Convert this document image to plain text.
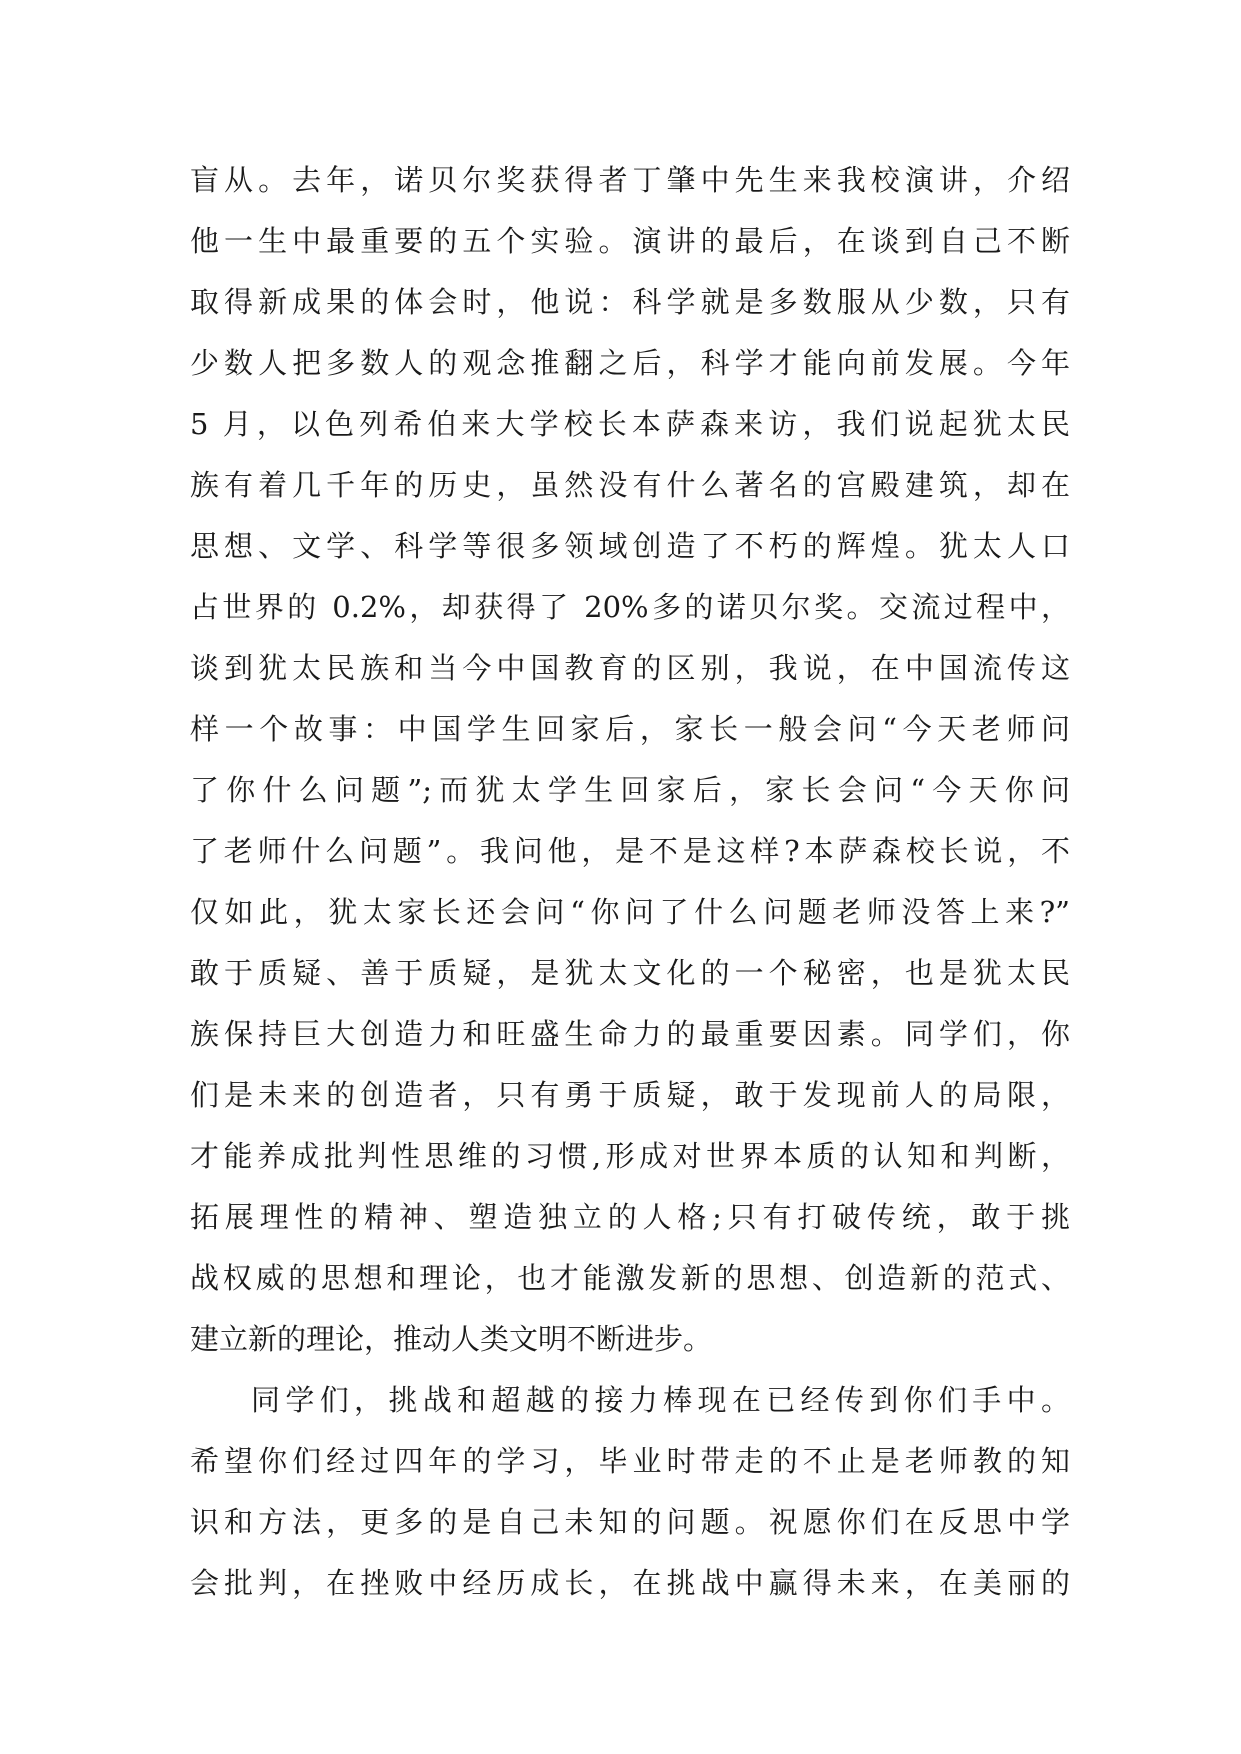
盲从。去年，诺贝尔奖获得者丁肇中先生来我校演讲，介绍
他一生中最重要的五个实验。演讲的最后，在谈到自己不断
取得新成果的体会时，他说：科学就是多数服从少数，只有
少数人把多数人的观念推翻之后，科学才能向前发展。今年
5 月，以色列希伯来大学校长本萨森来访，我们说起犹太民
族有着几千年的历史，虽然没有什么著名的宫殿建筑，却在
思想、文学、科学等很多领域创造了不朽的辉煌。犹太人口
占世界的 0.2%，却获得了 20%多的诺贝尔奖。交流过程中，
谈到犹太民族和当今中国教育的区别，我说，在中国流传这
样一个故事：中国学生回家后，家长一般会问“今天老师问
了你什么问题”;而犹太学生回家后，家长会问“今天你问
了老师什么问题”。我问他，是不是这样?本萨森校长说，不
仅如此，犹太家长还会问“你问了什么问题老师没答上来?”
敢于质疑、善于质疑，是犹太文化的一个秘密，也是犹太民
族保持巨大创造力和旺盛生命力的最重要因素。同学们，你
们是未来的创造者，只有勇于质疑，敢于发现前人的局限，
才能养成批判性思维的习惯,形成对世界本质的认知和判断，
拓展理性的精神、塑造独立的人格;只有打破传统，敢于挑
战权威的思想和理论，也才能激发新的思想、创造新的范式、
建立新的理论，推动人类文明不断进步。
同学们，挑战和超越的接力棒现在已经传到你们手中。
希望你们经过四年的学习，毕业时带走的不止是老师教的知
识和方法，更多的是自己未知的问题。祝愿你们在反思中学
会批判，在挫败中经历成长，在挑战中赢得未来，在美丽的
